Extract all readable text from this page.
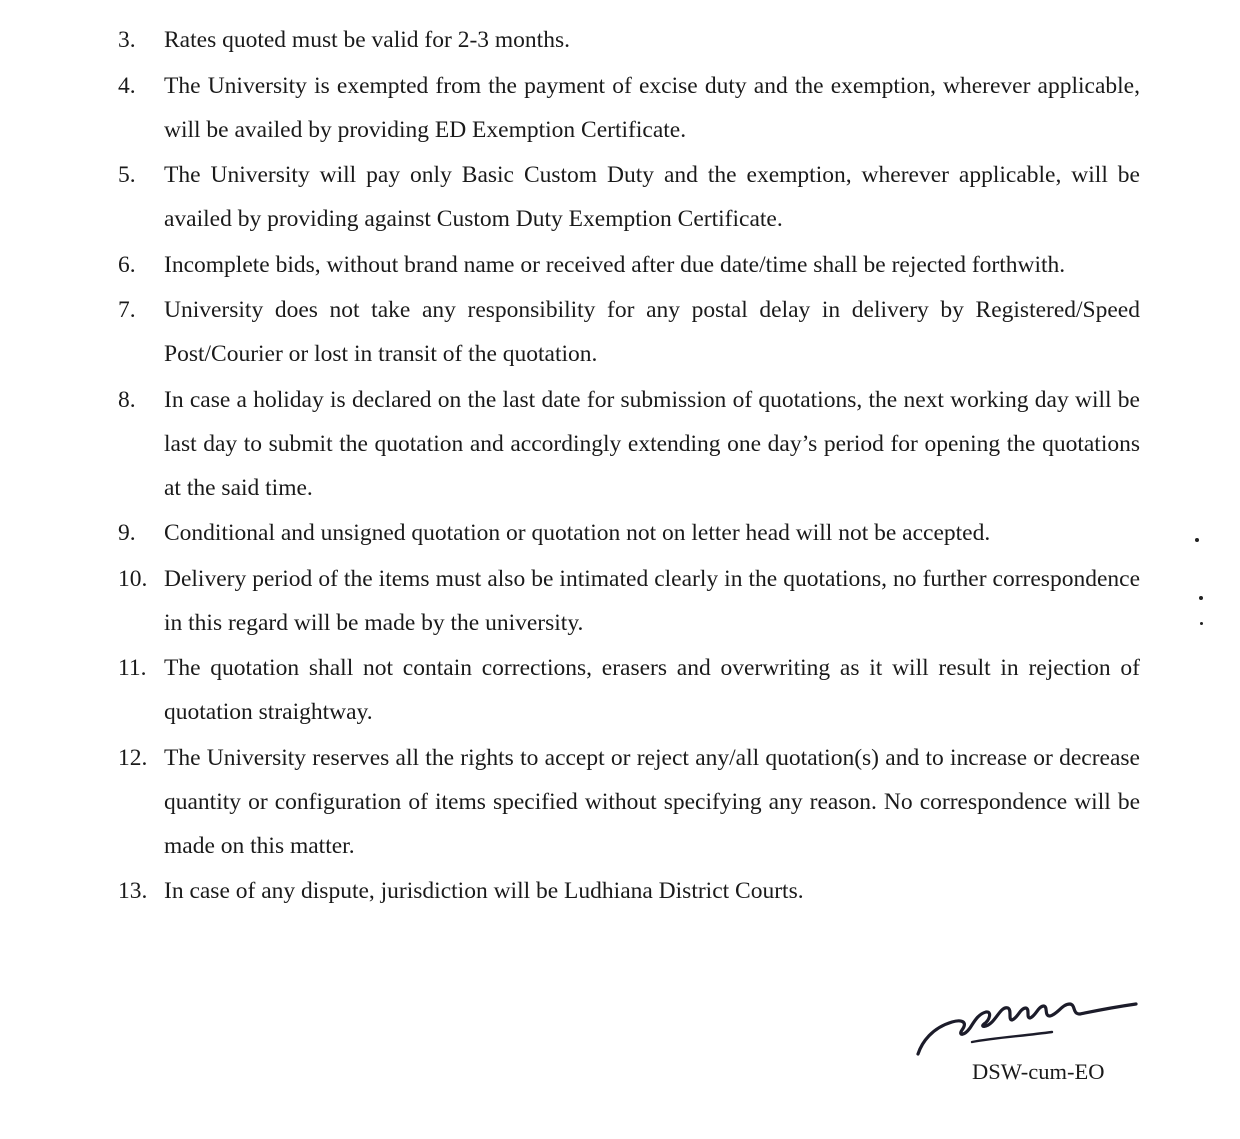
3.	Rates quoted must be valid for 2-3 months.
4.	The University is exempted from the payment of excise duty and the exemption, wherever applicable, will be availed by providing ED Exemption Certificate.
5.	The University will pay only Basic Custom Duty and the exemption, wherever applicable, will be availed by providing against Custom Duty Exemption Certificate.
6.	Incomplete bids, without brand name or received after due date/time shall be rejected forthwith.
7.	University does not take any responsibility for any postal delay in delivery by Registered/Speed Post/Courier or lost in transit of the quotation.
8.	In case a holiday is declared on the last date for submission of quotations, the next working day will be last day to submit the quotation and accordingly extending one day’s period for opening the quotations at the said time.
9.	Conditional and unsigned quotation or quotation not on letter head will not be accepted.
10. Delivery period of the items must also be intimated clearly in the quotations, no further correspondence in this regard will be made by the university.
11. The quotation shall not contain corrections, erasers and overwriting as it will result in rejection of quotation straightway.
12. The University reserves all the rights to accept or reject any/all quotation(s) and to increase or decrease quantity or configuration of items specified without specifying any reason. No correspondence will be made on this matter.
13. In case of any dispute, jurisdiction will be Ludhiana District Courts.
DSW-cum-EO
